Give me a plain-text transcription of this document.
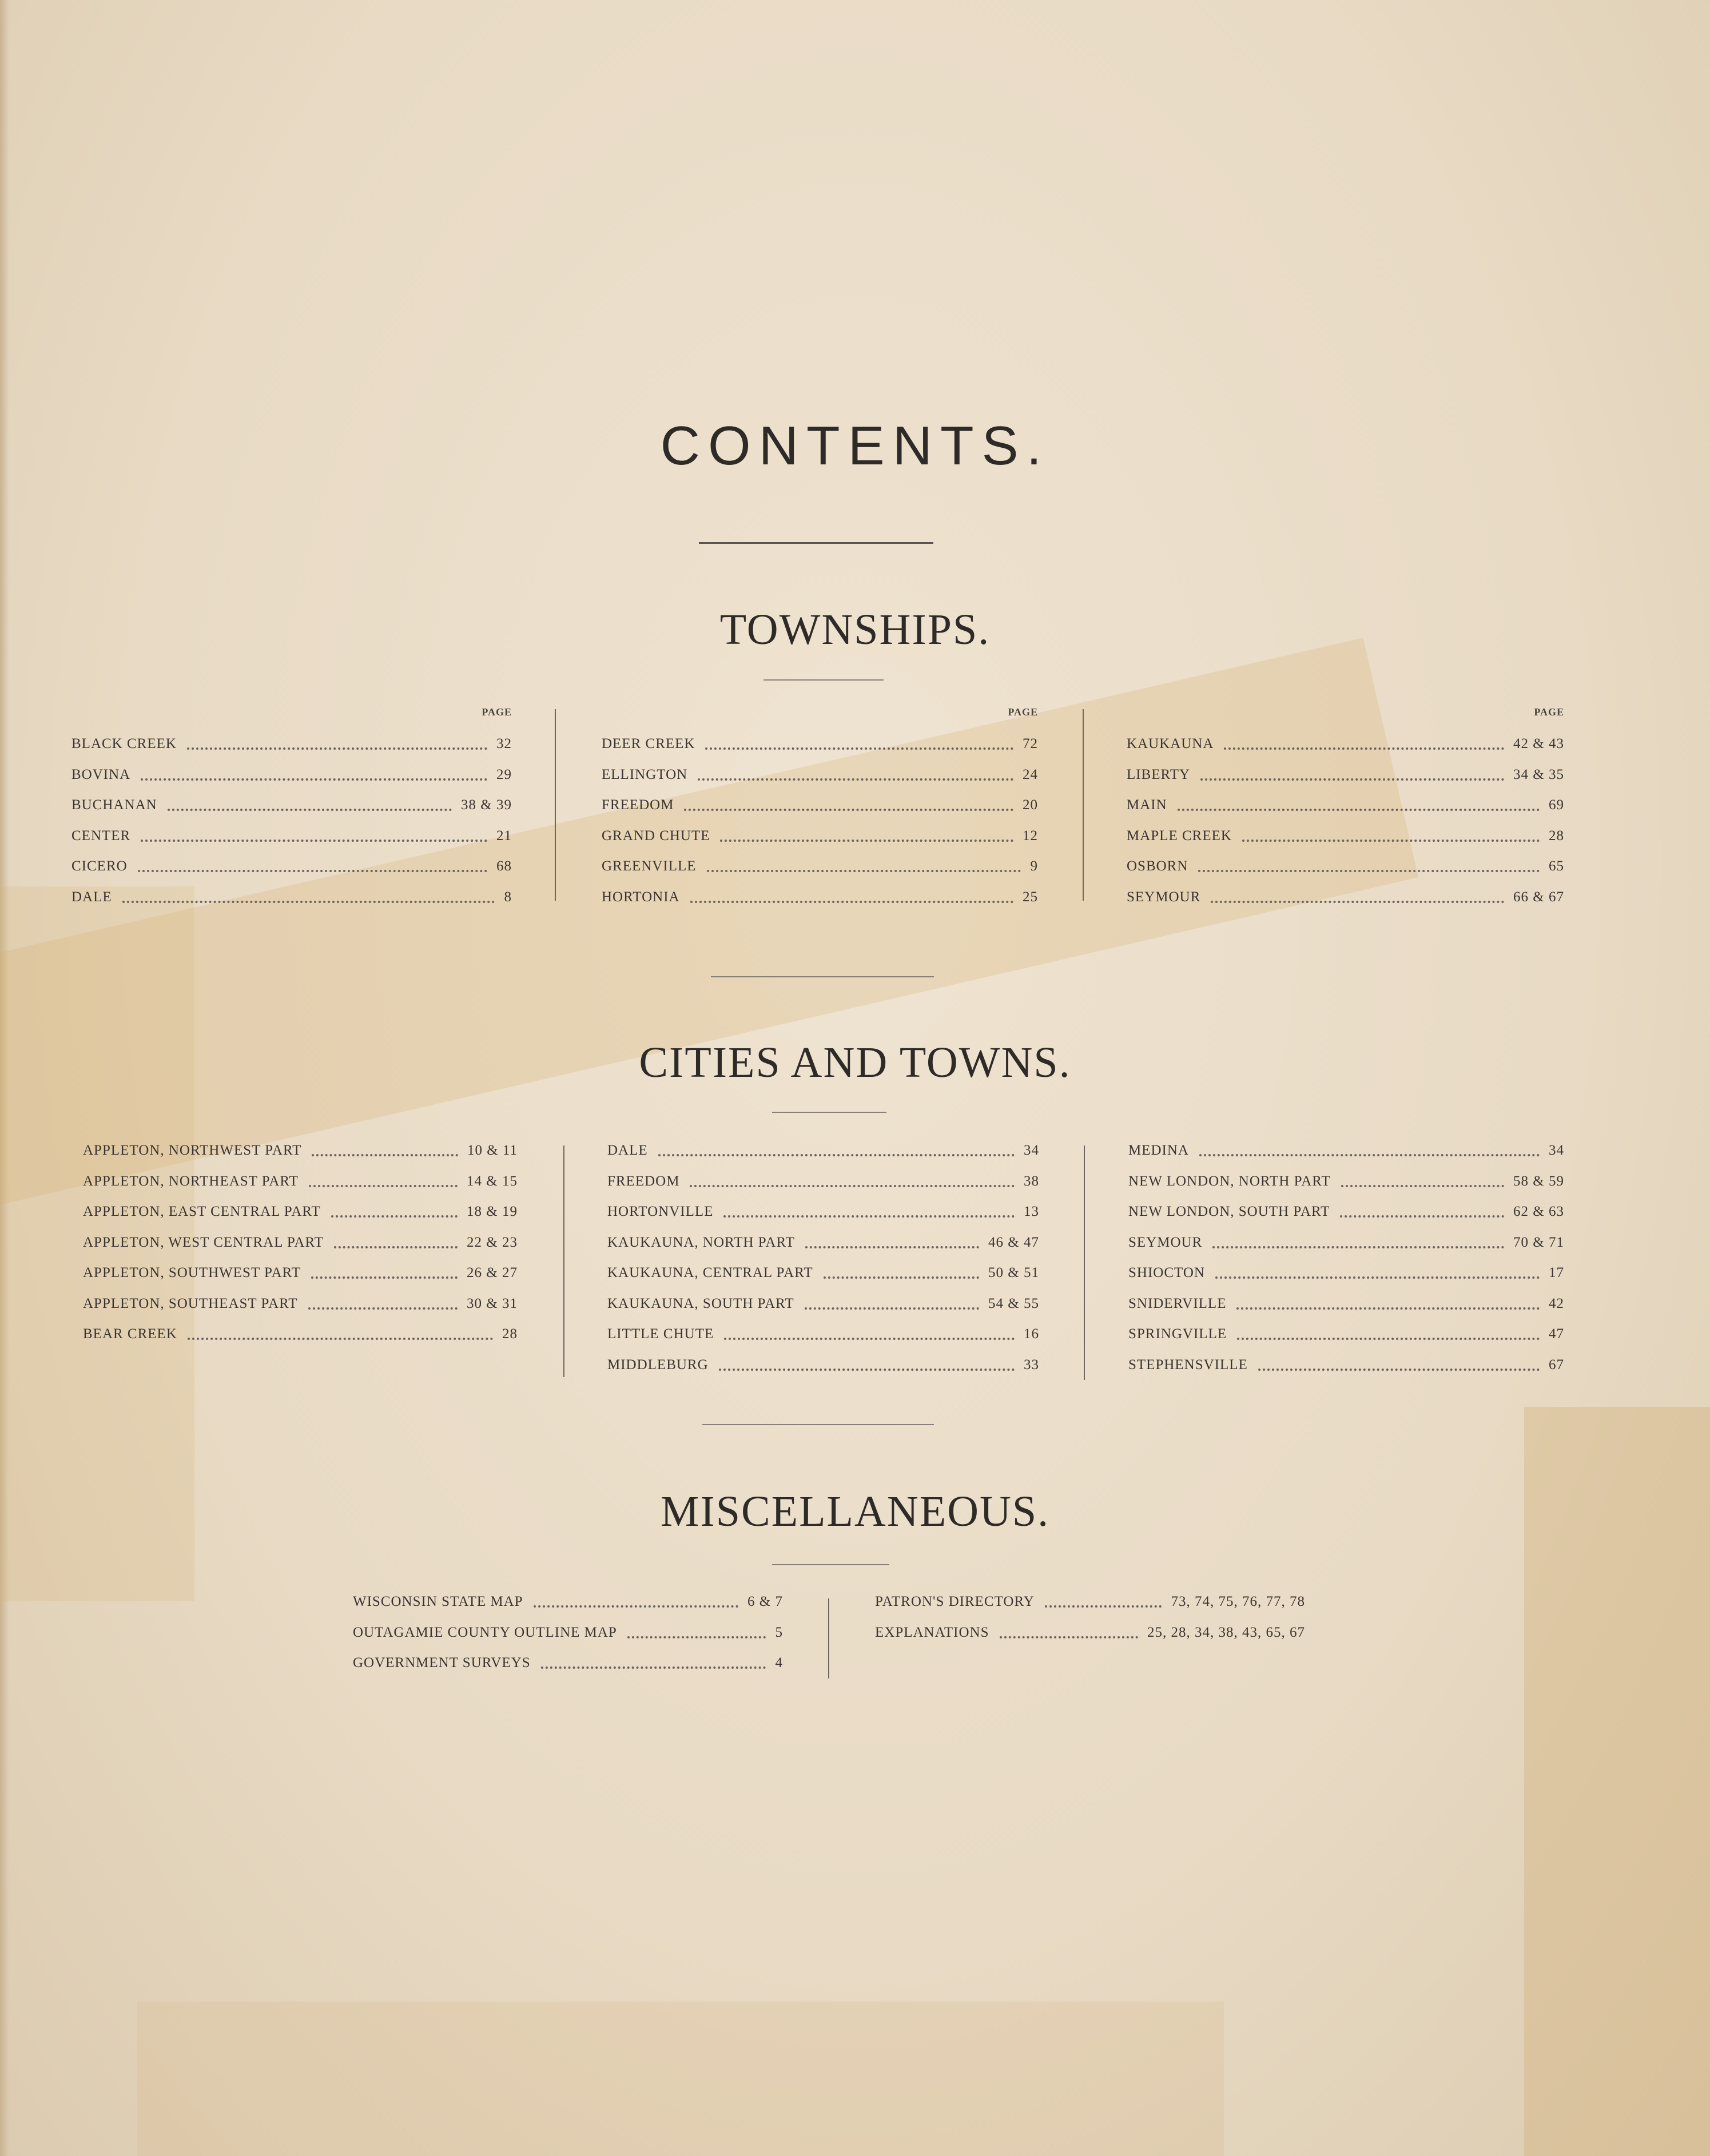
CONTENTS.
TOWNSHIPS.
PAGE
BLACK CREEK	32
BOVINA	29
BUCHANAN	38 & 39
CENTER	21
CICERO	68
DALE	8
PAGE
DEER CREEK	72
ELLINGTON	24
FREEDOM	20
GRAND CHUTE	12
GREENVILLE	9
HORTONIA	25
PAGE
KAUKAUNA	42 & 43
LIBERTY	34 & 35
MAIN	69
MAPLE CREEK	28
OSBORN	65
SEYMOUR	66 & 67
CITIES AND TOWNS.
APPLETON, NORTHWEST PART	10 & 11
APPLETON, NORTHEAST PART	14 & 15
APPLETON, EAST CENTRAL PART	18 & 19
APPLETON, WEST CENTRAL PART	22 & 23
APPLETON, SOUTHWEST PART	26 & 27
APPLETON, SOUTHEAST PART	30 & 31
BEAR CREEK	28
DALE	34
FREEDOM	38
HORTONVILLE	13
KAUKAUNA, NORTH PART	46 & 47
KAUKAUNA, CENTRAL PART	50 & 51
KAUKAUNA, SOUTH PART	54 & 55
LITTLE CHUTE	16
MIDDLEBURG	33
MEDINA	34
NEW LONDON, NORTH PART	58 & 59
NEW LONDON, SOUTH PART	62 & 63
SEYMOUR	70 & 71
SHIOCTON	17
SNIDERVILLE	42
SPRINGVILLE	47
STEPHENSVILLE	67
MISCELLANEOUS.
WISCONSIN STATE MAP	6 & 7
OUTAGAMIE COUNTY OUTLINE MAP	5
GOVERNMENT SURVEYS	4
PATRON'S DIRECTORY	73, 74, 75, 76, 77, 78
EXPLANATIONS	25, 28, 34, 38, 43, 65, 67
